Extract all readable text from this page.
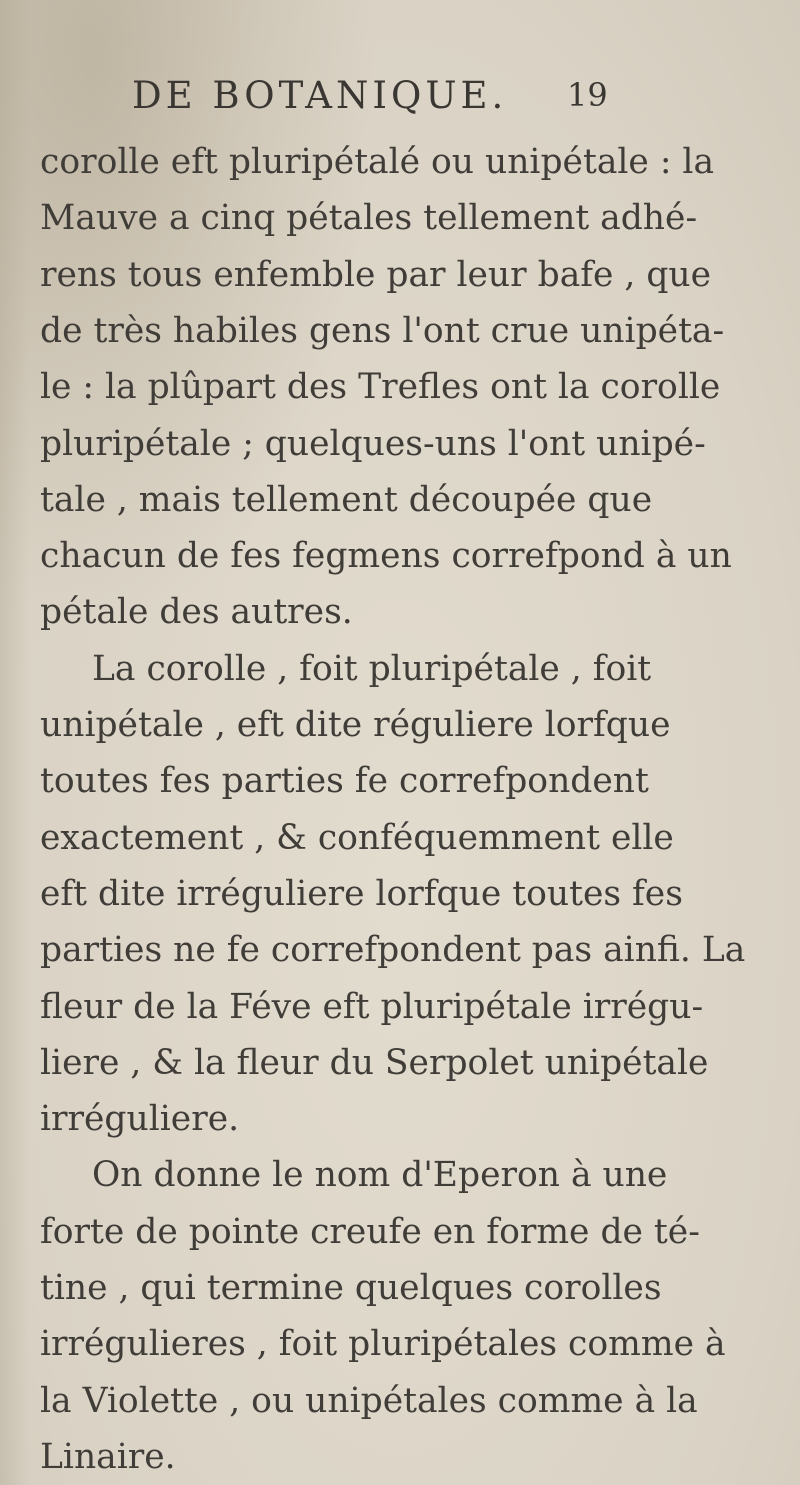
DE BOTANIQUE. 19
corolle eft pluripétalé ou unipétale : la
Mauve a cinq pétales tellement adhé-
rens tous enfemble par leur bafe , que
de très habiles gens l'ont crue unipéta-
le : la plûpart des Trefles ont la corolle
pluripétale ; quelques-uns l'ont unipé-
tale , mais tellement découpée que
chacun de fes fegmens correfpond à un
pétale des autres.
La corolle , foit pluripétale , foit
unipétale , eft dite réguliere lorfque
toutes fes parties fe correfpondent
exactement , & conféquemment elle
eft dite irréguliere lorfque toutes fes
parties ne fe correfpondent pas ainfi. La
fleur de la Féve eft pluripétale irrégu-
liere , & la fleur du Serpolet unipétale
irréguliere.
On donne le nom d'Eperon à une
forte de pointe creufe en forme de té-
tine , qui termine quelques corolles
irrégulieres , foit pluripétales comme à
la Violette , ou unipétales comme à la
Linaire.
